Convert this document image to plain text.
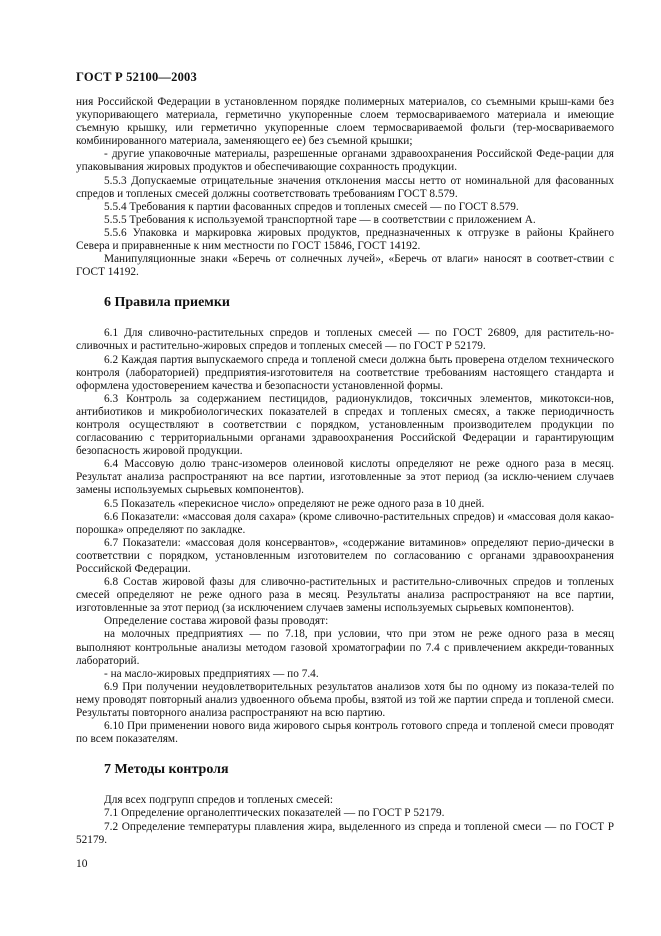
ГОСТ Р 52100—2003

ния Российской Федерации в установленном порядке полимерных материалов, со съемными крыш-ками без укупоривающего материала, герметично укупоренные слоем термосвариваемого материала и имеющие съемную крышку, или герметично укупоренные слоем термосвариваемой фольги (тер-мосвариваемого комбинированного материала, заменяющего ее) без съемной крышки;

- другие упаковочные материалы, разрешенные органами здравоохранения Российской Феде-рации для упаковывания жировых продуктов и обеспечивающие сохранность продукции.

5.5.3 Допускаемые отрицательные значения отклонения массы нетто от номинальной для фасованных спредов и топленых смесей должны соответствовать требованиям ГОСТ 8.579.

5.5.4 Требования к партии фасованных спредов и топленых смесей — по ГОСТ 8.579.

5.5.5 Требования к используемой транспортной таре — в соответствии с приложением А.

5.5.6 Упаковка и маркировка жировых продуктов, предназначенных к отгрузке в районы Крайнего Севера и приравненные к ним местности по ГОСТ 15846, ГОСТ 14192.

Манипуляционные знаки «Беречь от солнечных лучей», «Беречь от влаги» наносят в соответ-ствии с ГОСТ 14192.

6 Правила приемки

6.1 Для сливочно-растительных спредов и топленых смесей — по ГОСТ 26809, для раститель-но-сливочных и растительно-жировых спредов и топленых смесей — по ГОСТ Р 52179.

6.2 Каждая партия выпускаемого спреда и топленой смеси должна быть проверена отделом технического контроля (лабораторией) предприятия-изготовителя на соответствие требованиям настоящего стандарта и оформлена удостоверением качества и безопасности установленной формы.

6.3 Контроль за содержанием пестицидов, радионуклидов, токсичных элементов, микотокси-нов, антибиотиков и микробиологических показателей в спредах и топленых смесях, а также периодичность контроля осуществляют в соответствии с порядком, установленным производителем продукции по согласованию с территориальными органами здравоохранения Российской Федерации и гарантирующим безопасность жировой продукции.

6.4 Массовую долю транс-изомеров олеиновой кислоты определяют не реже одного раза в месяц. Результат анализа распространяют на все партии, изготовленные за этот период (за исклю-чением случаев замены используемых сырьевых компонентов).

6.5 Показатель «перекисное число» определяют не реже одного раза в 10 дней.

6.6 Показатели: «массовая доля сахара» (кроме сливочно-растительных спредов) и «массовая доля какао-порошка» определяют по закладке.

6.7 Показатели: «массовая доля консервантов», «содержание витаминов» определяют перио-дически в соответствии с порядком, установленным изготовителем по согласованию с органами здравоохранения Российской Федерации.

6.8 Состав жировой фазы для сливочно-растительных и растительно-сливочных спредов и топленых смесей определяют не реже одного раза в месяц. Результаты анализа распространяют на все партии, изготовленные за этот период (за исключением случаев замены используемых сырьевых компонентов).

Определение состава жировой фазы проводят:

на молочных предприятиях — по 7.18, при условии, что при этом не реже одного раза в месяц выполняют контрольные анализы методом газовой хроматографии по 7.4 с привлечением аккреди-тованных лабораторий.

- на масло-жировых предприятиях — по 7.4.

6.9 При получении неудовлетворительных результатов анализов хотя бы по одному из показа-телей по нему проводят повторный анализ удвоенного объема пробы, взятой из той же партии спреда и топленой смеси. Результаты повторного анализа распространяют на всю партию.

6.10 При применении нового вида жирового сырья контроль готового спреда и топленой смеси проводят по всем показателям.

7 Методы контроля

Для всех подгрупп спредов и топленых смесей:

7.1 Определение органолептических показателей — по ГОСТ Р 52179.

7.2 Определение температуры плавления жира, выделенного из спреда и топленой смеси — по ГОСТ Р 52179.

10
